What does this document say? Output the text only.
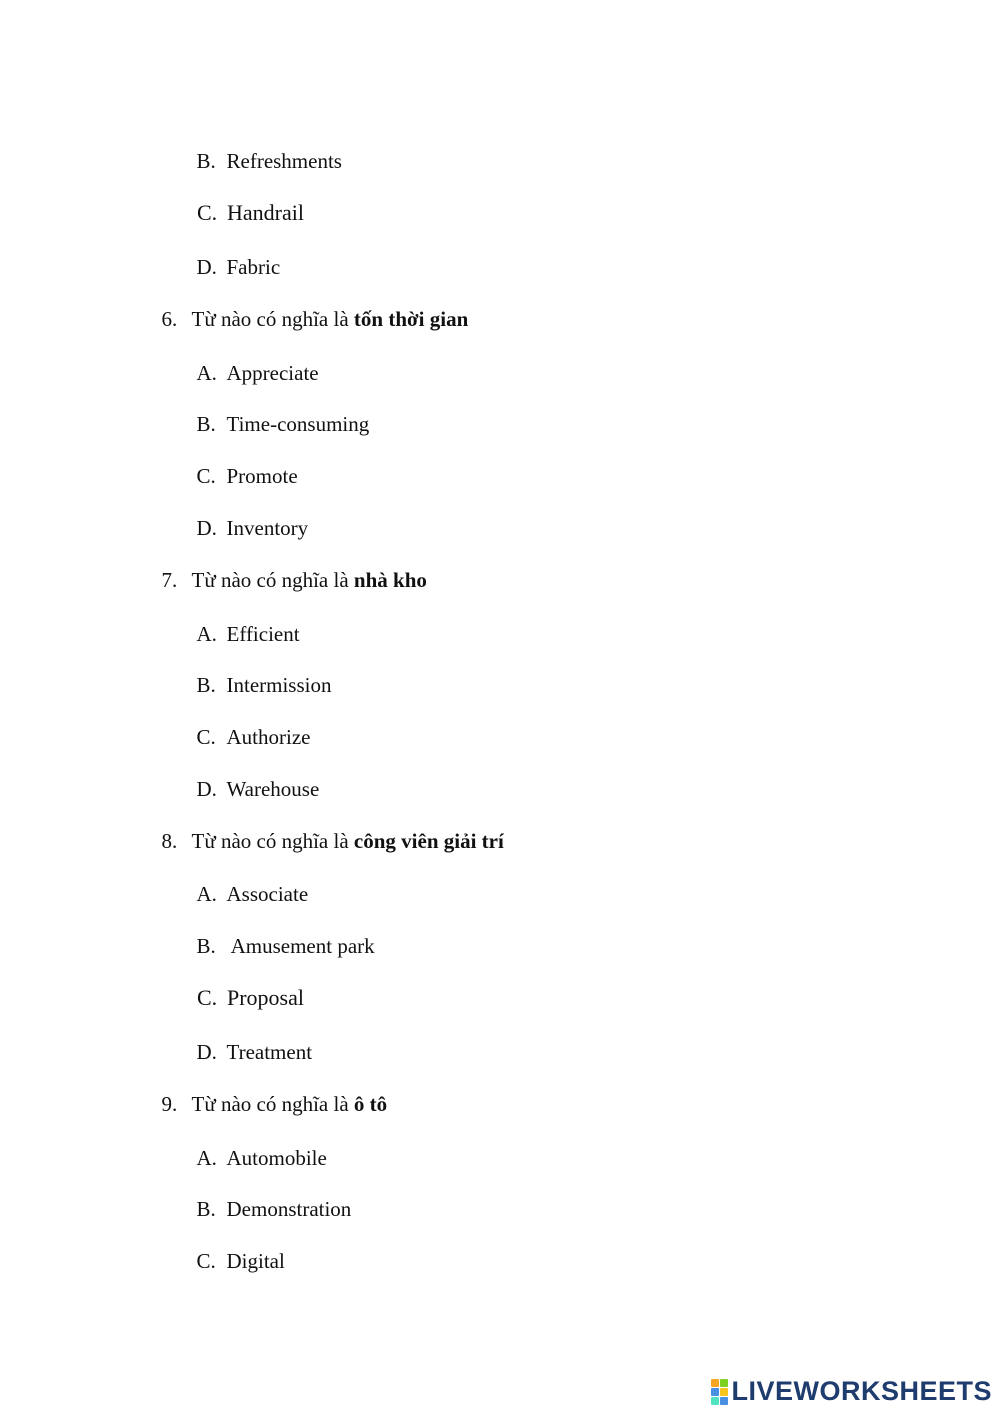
B. Refreshments

C. Handrail

D. Fabric

6. Từ nào có nghĩa là tốn thời gian

A. Appreciate

B. Time-consuming

C. Promote

D. Inventory

7. Từ nào có nghĩa là nhà kho

A. Efficient

B. Intermission

C. Authorize

D. Warehouse

8. Từ nào có nghĩa là công viên giải trí

A. Associate

B. Amusement park

C. Proposal

D. Treatment

9. Từ nào có nghĩa là ô tô

A. Automobile

B. Demonstration

C. Digital

LIVEWORKSHEETS
